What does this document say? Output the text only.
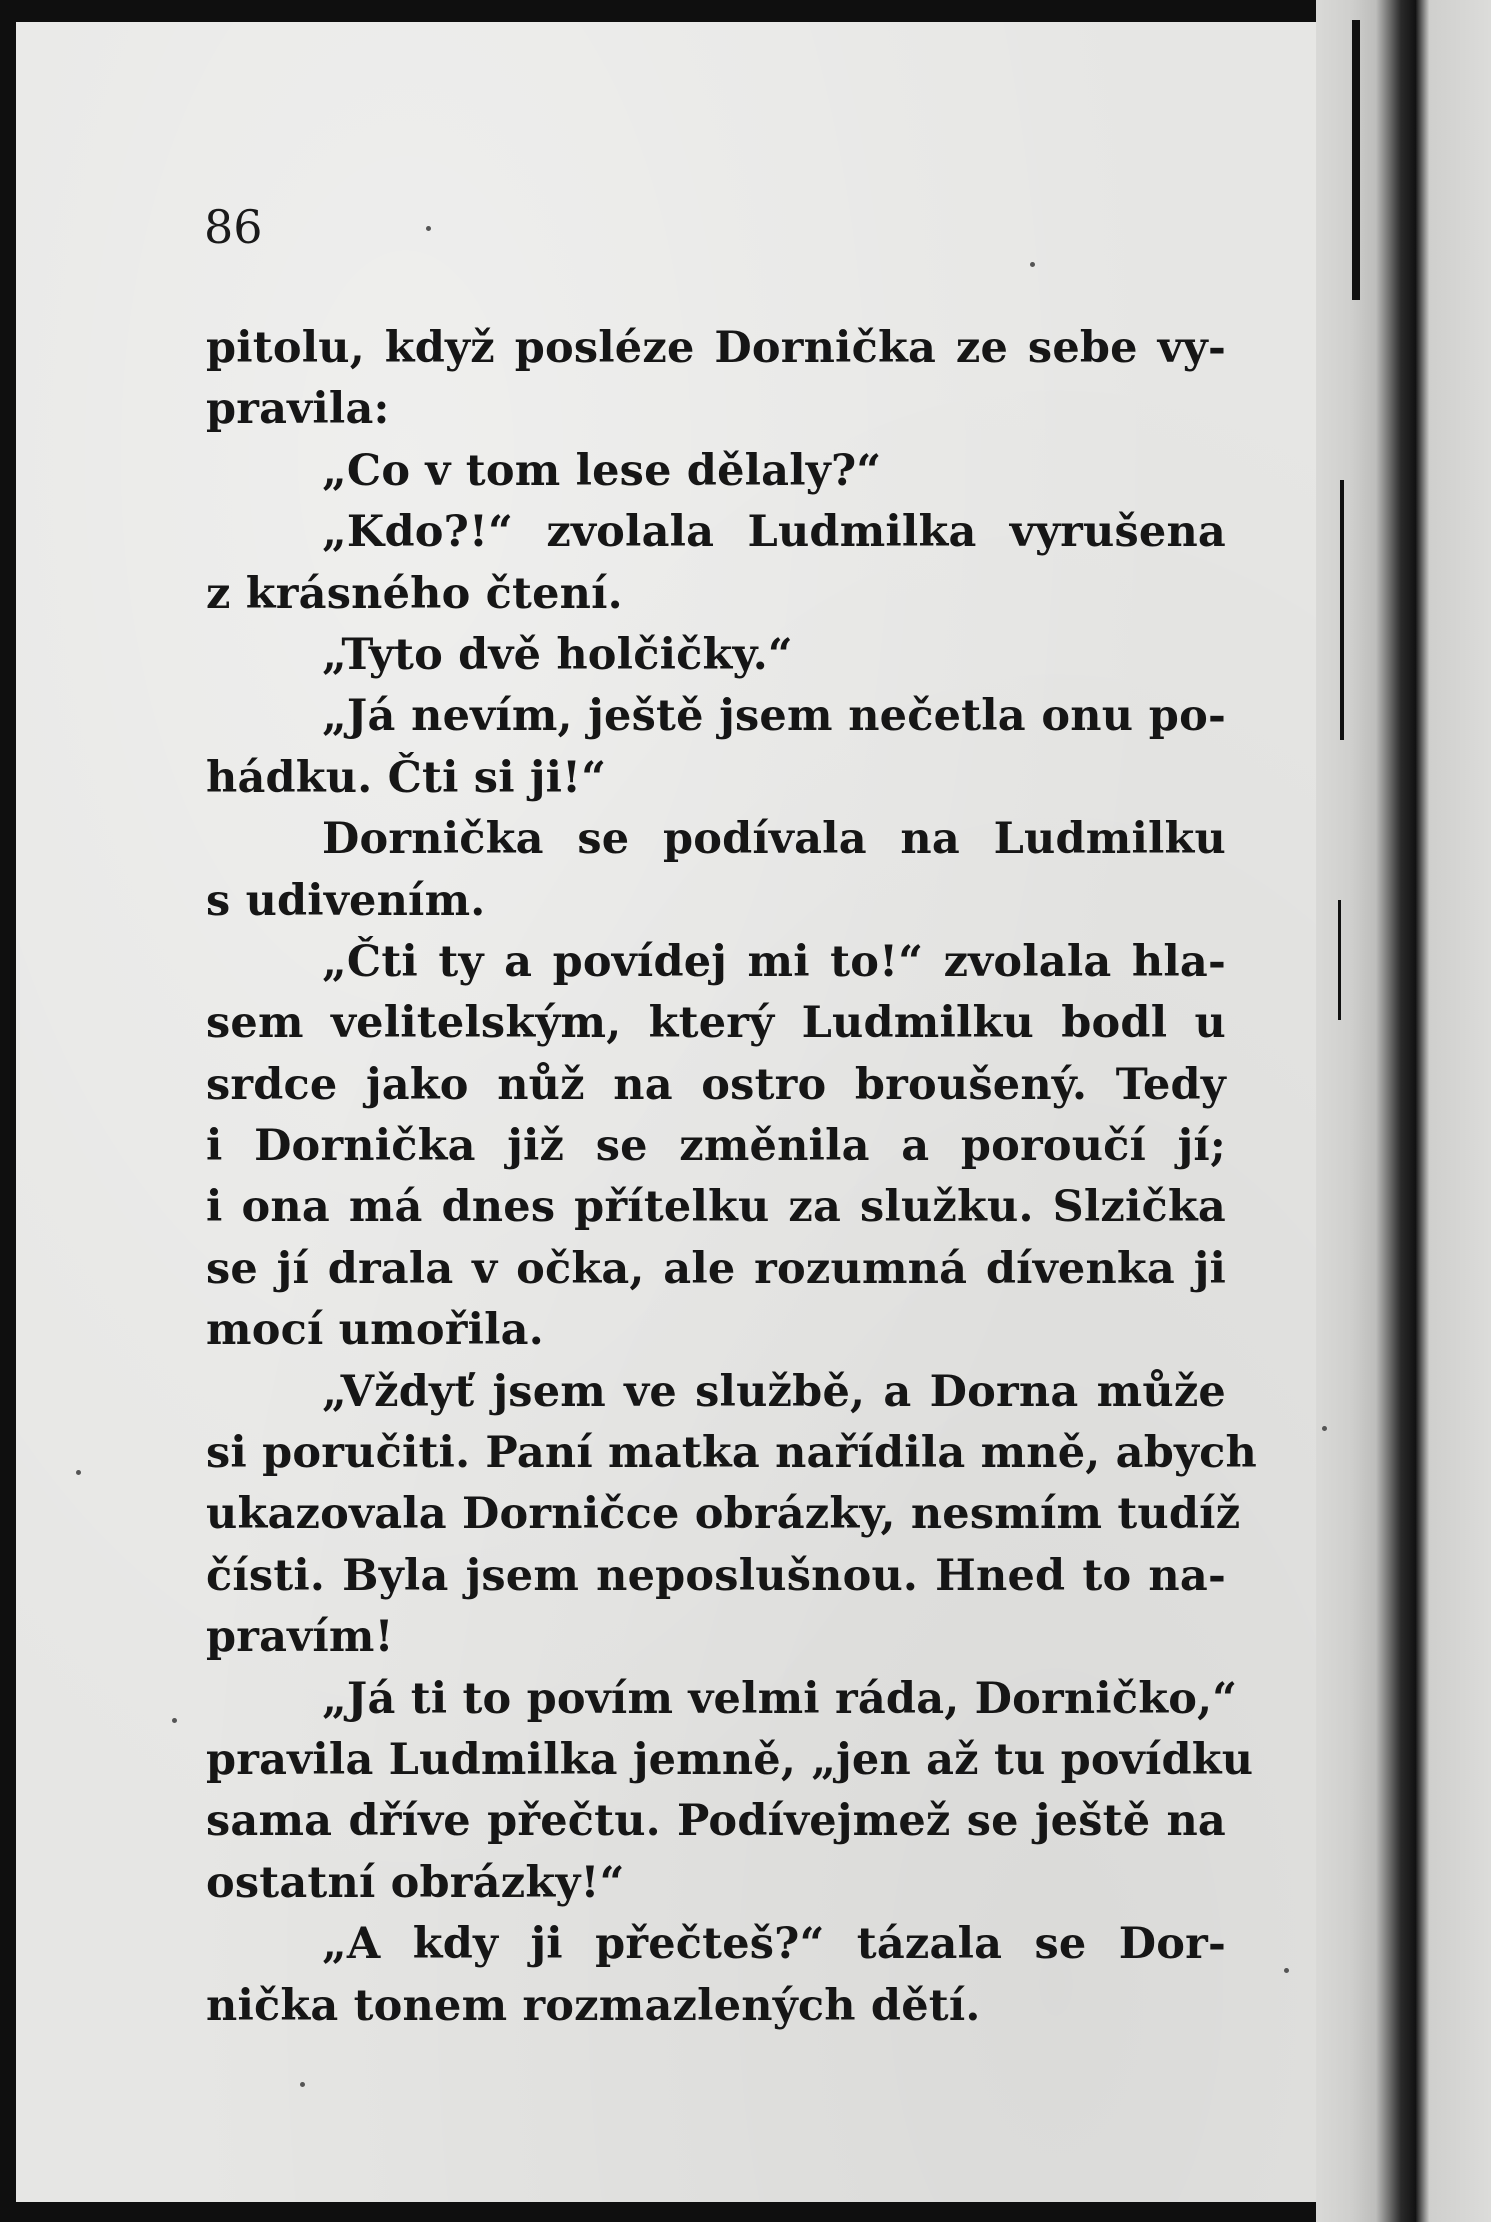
86

pitolu, když posléze Dornička ze sebe vy-
pravila:
„Co v tom lese dělaly?“
„Kdo?!“ zvolala Ludmilka vyrušena
z krásného čtení.
„Tyto dvě holčičky.“
„Já nevím, ještě jsem nečetla onu po-
hádku. Čti si ji!“
Dornička se podívala na Ludmilku
s udivením.
„Čti ty a povídej mi to!“ zvolala hla-
sem velitelským, který Ludmilku bodl u
srdce jako nůž na ostro broušený. Tedy
i Dornička již se změnila a poroučí jí;
i ona má dnes přítelku za služku. Slzička
se jí drala v očka, ale rozumná dívenka ji
mocí umořila.
„Vždyť jsem ve službě, a Dorna může
si poručiti. Paní matka nařídila mně, abych
ukazovala Dorničce obrázky, nesmím tudíž
čísti. Byla jsem neposlušnou. Hned to na-
pravím!
„Já ti to povím velmi ráda, Dorničko,“
pravila Ludmilka jemně, „jen až tu povídku
sama dříve přečtu. Podívejmež se ještě na
ostatní obrázky!“
„A kdy ji přečteš?“ tázala se Dor-
nička tonem rozmazlených dětí.
